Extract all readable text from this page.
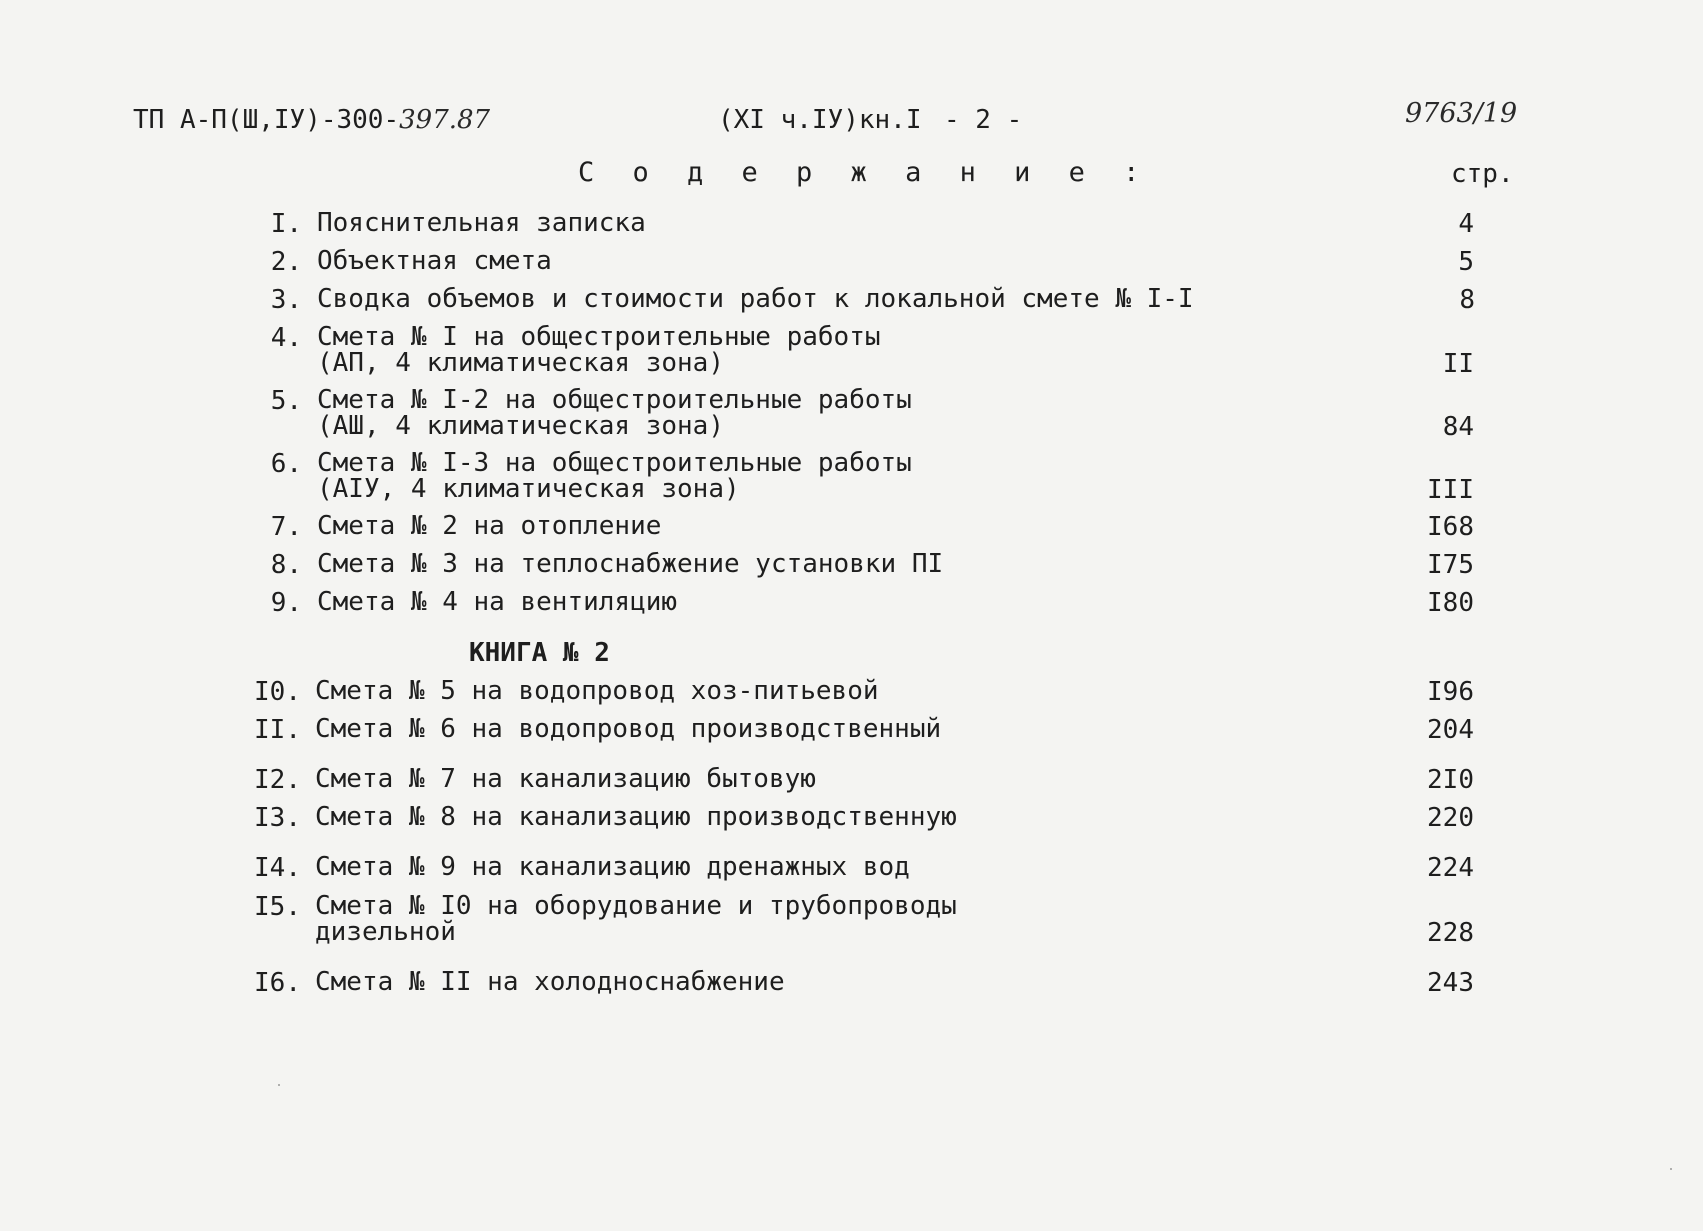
ТП А-П(Ш,IУ)-300-397.87	(XI ч.IУ)кн.I - 2 -	9763/19
С о д е р ж а н и е :	стр.
I. Пояснительная записка	4
2. Объектная смета	5
3. Сводка объемов и стоимости работ к локальной смете № I-I	8
4. Смета № I на общестроительные работы
(АП, 4 климатическая зона)	II
5. Смета № I-2 на общестроительные работы
(АШ, 4 климатическая зона)	84
6. Смета № I-3 на общестроительные работы
(АIУ, 4 климатическая зона)	III
7. Смета № 2 на отопление	I68
8. Смета № 3 на теплоснабжение установки ПI	I75
9. Смета № 4 на вентиляцию	I80
КНИГА № 2
I0. Смета № 5 на водопровод хоз-питьевой	I96
II. Смета № 6 на водопровод производственный	204
I2. Смета № 7 на канализацию бытовую	2I0
I3. Смета № 8 на канализацию производственную	220
I4. Смета № 9 на канализацию дренажных вод	224
I5. Смета № I0 на оборудование и трубопроводы
дизельной	228
I6. Смета № II на холодноснабжение	243
